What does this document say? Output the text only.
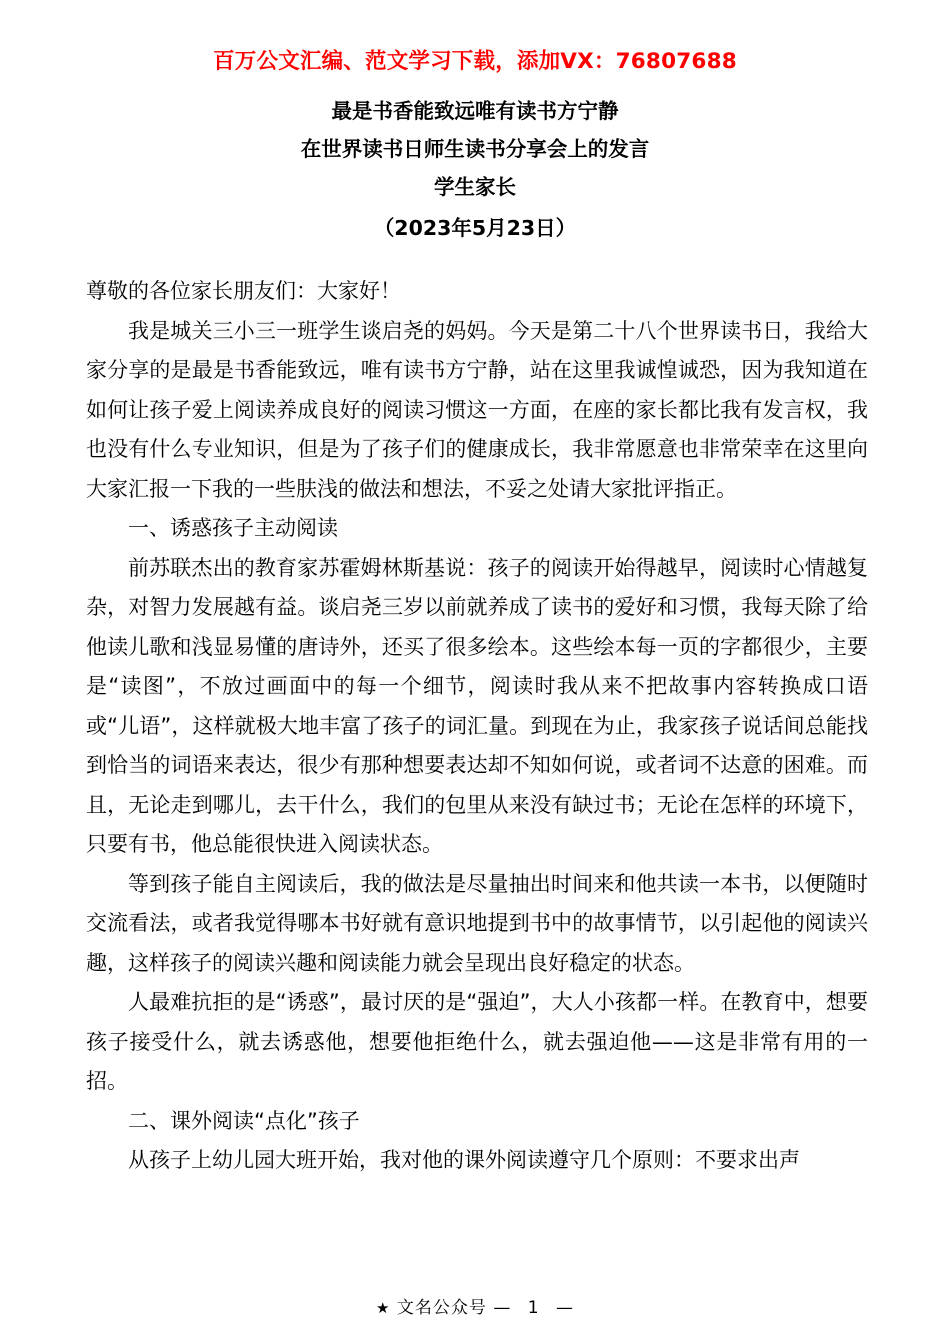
百万公文汇编、范文学习下载，添加VX：76807688
最是书香能致远唯有读书方宁静
在世界读书日师生读书分享会上的发言
学生家长
（2023年5月23日）

尊敬的各位家长朋友们：大家好！

我是城关三小三一班学生谈启尧的妈妈。今天是第二十八个世界读书日，我给大家分享的是最是书香能致远，唯有读书方宁静，站在这里我诚惶诚恐，因为我知道在如何让孩子爱上阅读养成良好的阅读习惯这一方面，在座的家长都比我有发言权，我也没有什么专业知识，但是为了孩子们的健康成长，我非常愿意也非常荣幸在这里向大家汇报一下我的一些肤浅的做法和想法，不妥之处请大家批评指正。

一、诱惑孩子主动阅读

前苏联杰出的教育家苏霍姆林斯基说：孩子的阅读开始得越早，阅读时心情越复杂，对智力发展越有益。谈启尧三岁以前就养成了读书的爱好和习惯，我每天除了给他读儿歌和浅显易懂的唐诗外，还买了很多绘本。这些绘本每一页的字都很少，主要是“读图”，不放过画面中的每一个细节，阅读时我从来不把故事内容转换成口语或“儿语”，这样就极大地丰富了孩子的词汇量。到现在为止，我家孩子说话间总能找到恰当的词语来表达，很少有那种想要表达却不知如何说，或者词不达意的困难。而且，无论走到哪儿，去干什么，我们的包里从来没有缺过书；无论在怎样的环境下，只要有书，他总能很快进入阅读状态。

等到孩子能自主阅读后，我的做法是尽量抽出时间来和他共读一本书，以便随时交流看法，或者我觉得哪本书好就有意识地提到书中的故事情节，以引起他的阅读兴趣，这样孩子的阅读兴趣和阅读能力就会呈现出良好稳定的状态。

人最难抗拒的是“诱惑”，最讨厌的是“强迫”，大人小孩都一样。在教育中，想要孩子接受什么，就去诱惑他，想要他拒绝什么，就去强迫他——这是非常有用的一招。

二、课外阅读“点化”孩子

从孩子上幼儿园大班开始，我对他的课外阅读遵守几个原则：不要求出声

★ 文名公众号 — 1 —
